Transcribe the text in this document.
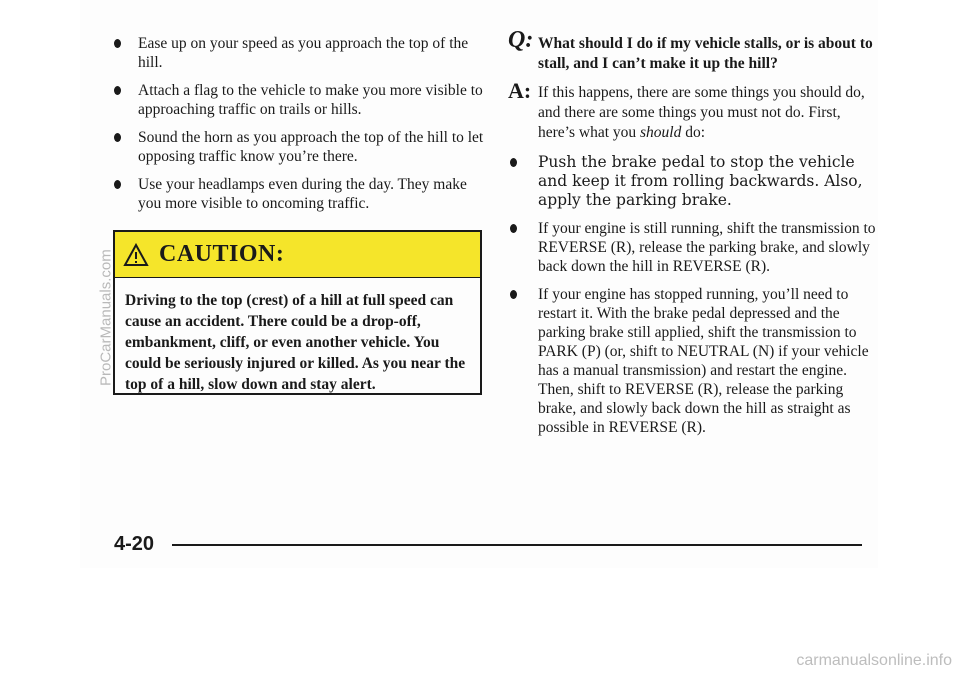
Ease up on your speed as you approach the top of the hill.
Attach a flag to the vehicle to make you more visible to approaching traffic on trails or hills.
Sound the horn as you approach the top of the hill to let opposing traffic know you’re there.
Use your headlamps even during the day. They make you more visible to oncoming traffic.
CAUTION:
Driving to the top (crest) of a hill at full speed can cause an accident. There could be a drop-off, embankment, cliff, or even another vehicle. You could be seriously injured or killed. As you near the top of a hill, slow down and stay alert.
Q: What should I do if my vehicle stalls, or is about to stall, and I can’t make it up the hill?
A: If this happens, there are some things you should do, and there are some things you must not do. First, here’s what you should do:
Push the brake pedal to stop the vehicle and keep it from rolling backwards. Also, apply the parking brake.
If your engine is still running, shift the transmission to REVERSE (R), release the parking brake, and slowly back down the hill in REVERSE (R).
If your engine has stopped running, you’ll need to restart it. With the brake pedal depressed and the parking brake still applied, shift the transmission to PARK (P) (or, shift to NEUTRAL (N) if your vehicle has a manual transmission) and restart the engine. Then, shift to REVERSE (R), release the parking brake, and slowly back down the hill as straight as possible in REVERSE (R).
4-20
ProCarManuals.com
carmanualsonline.info
